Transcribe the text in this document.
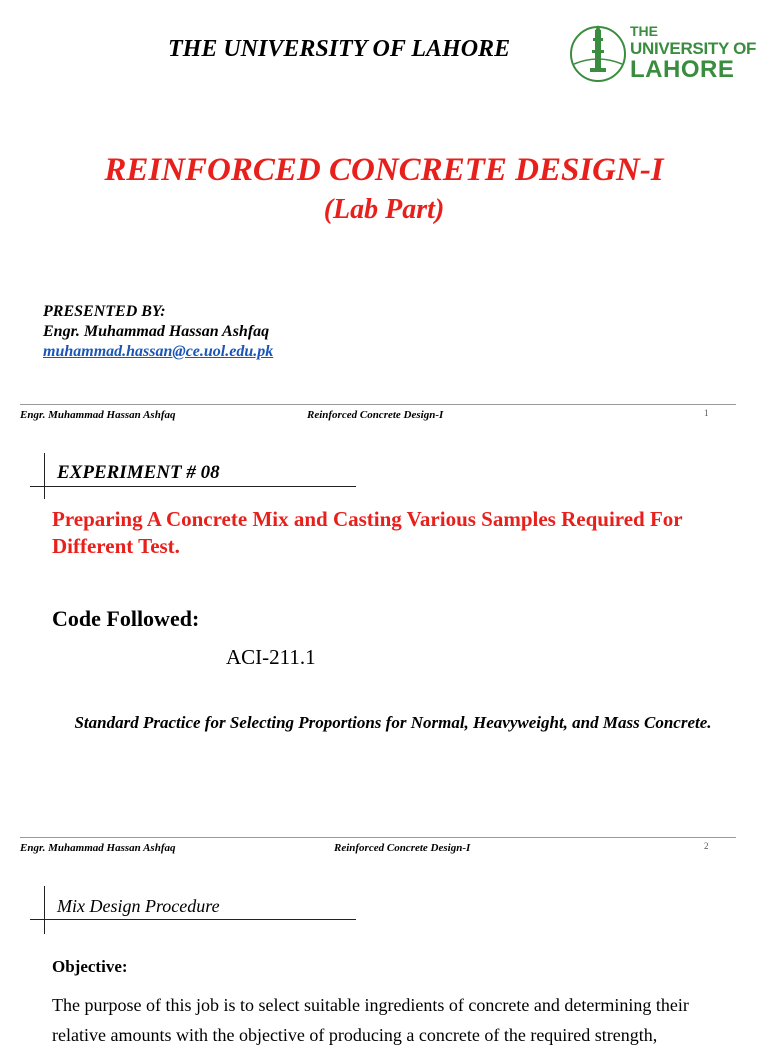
THE UNIVERSITY OF LAHORE
THE
UNIVERSITY OF
LAHORE
REINFORCED CONCRETE DESIGN-I
(Lab Part)
PRESENTED BY:
Engr. Muhammad Hassan Ashfaq
muhammad.hassan@ce.uol.edu.pk
Engr. Muhammad Hassan Ashfaq	Reinforced Concrete Design-I	1
EXPERIMENT # 08
Preparing A Concrete Mix and Casting Various Samples Required For Different Test.
Code Followed:
ACI-211.1
Standard Practice for Selecting Proportions for Normal, Heavyweight, and Mass Concrete.
Engr. Muhammad Hassan Ashfaq	Reinforced Concrete Design-I	2
Mix Design Procedure
Objective:
The purpose of this job is to select suitable ingredients of concrete and determining their relative amounts with the objective of producing a concrete of the required strength,
